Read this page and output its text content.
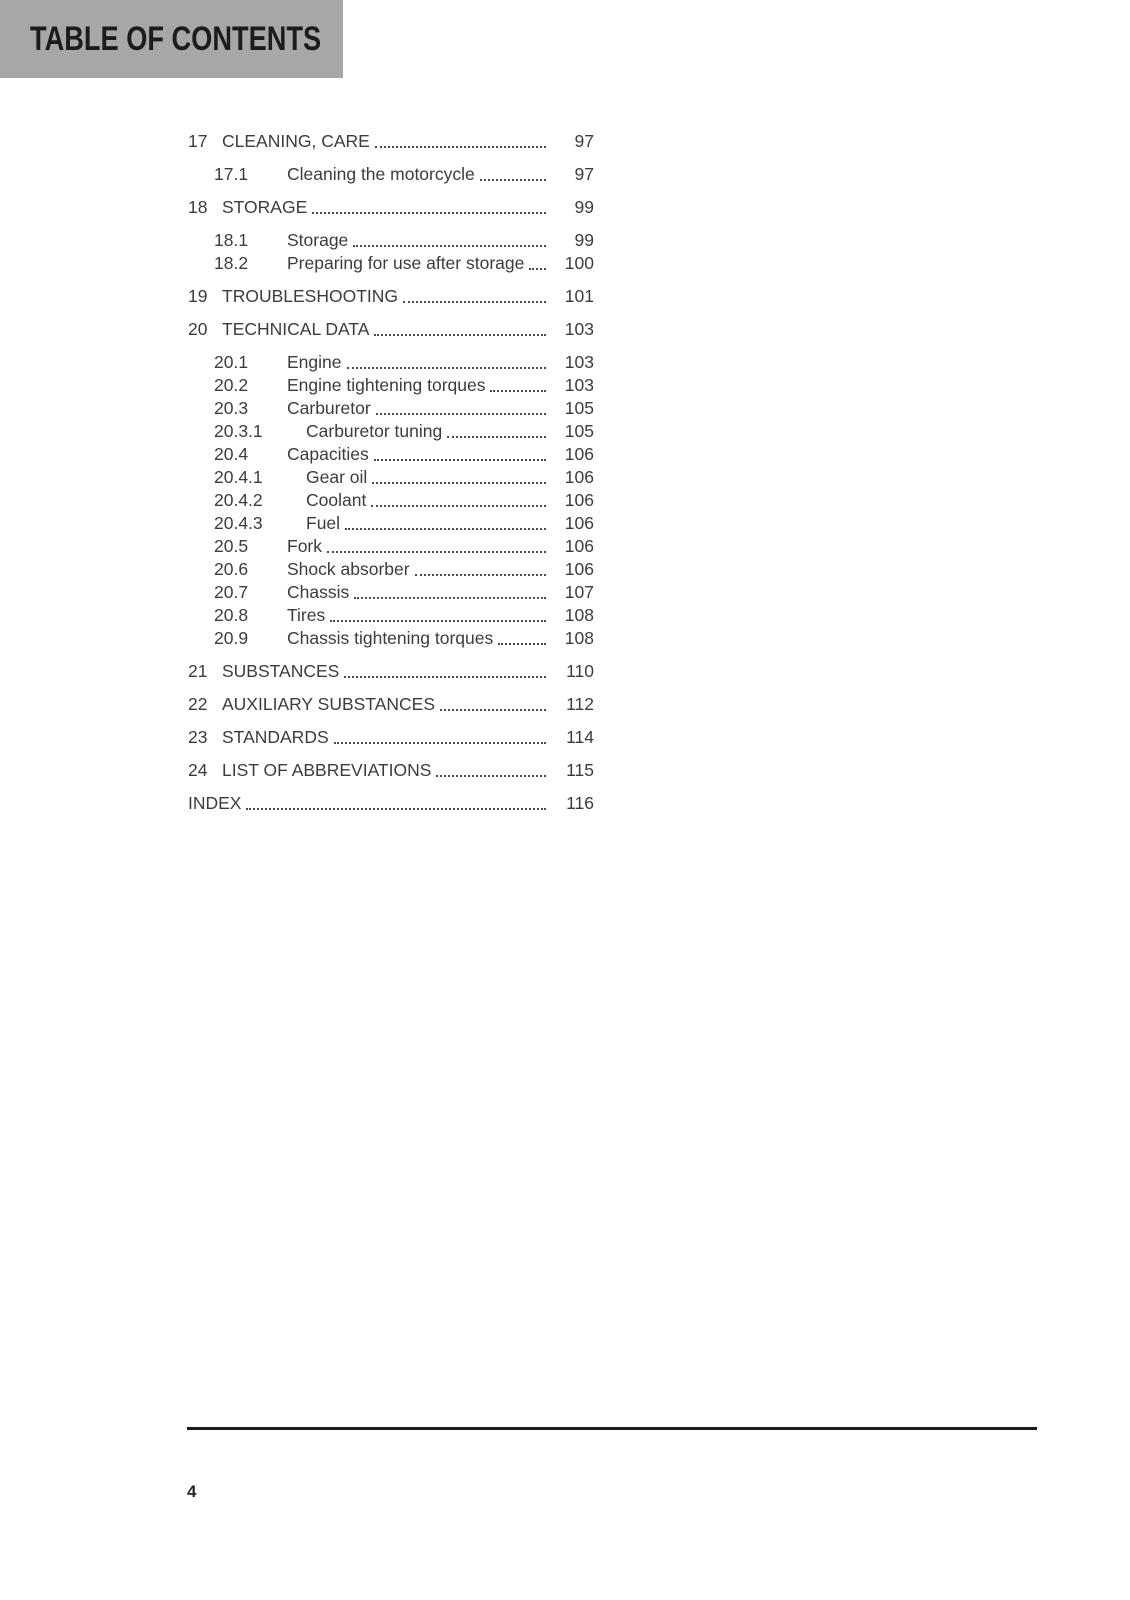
TABLE OF CONTENTS
17 CLEANING, CARE	97
17.1	Cleaning the motorcycle	97
18 STORAGE	99
18.1	Storage	99
18.2	Preparing for use after storage	100
19 TROUBLESHOOTING	101
20 TECHNICAL DATA	103
20.1	Engine	103
20.2	Engine tightening torques	103
20.3	Carburetor	105
20.3.1	Carburetor tuning	105
20.4	Capacities	106
20.4.1	Gear oil	106
20.4.2	Coolant	106
20.4.3	Fuel	106
20.5	Fork	106
20.6	Shock absorber	106
20.7	Chassis	107
20.8	Tires	108
20.9	Chassis tightening torques	108
21 SUBSTANCES	110
22 AUXILIARY SUBSTANCES	112
23 STANDARDS	114
24 LIST OF ABBREVIATIONS	115
INDEX	116
4
